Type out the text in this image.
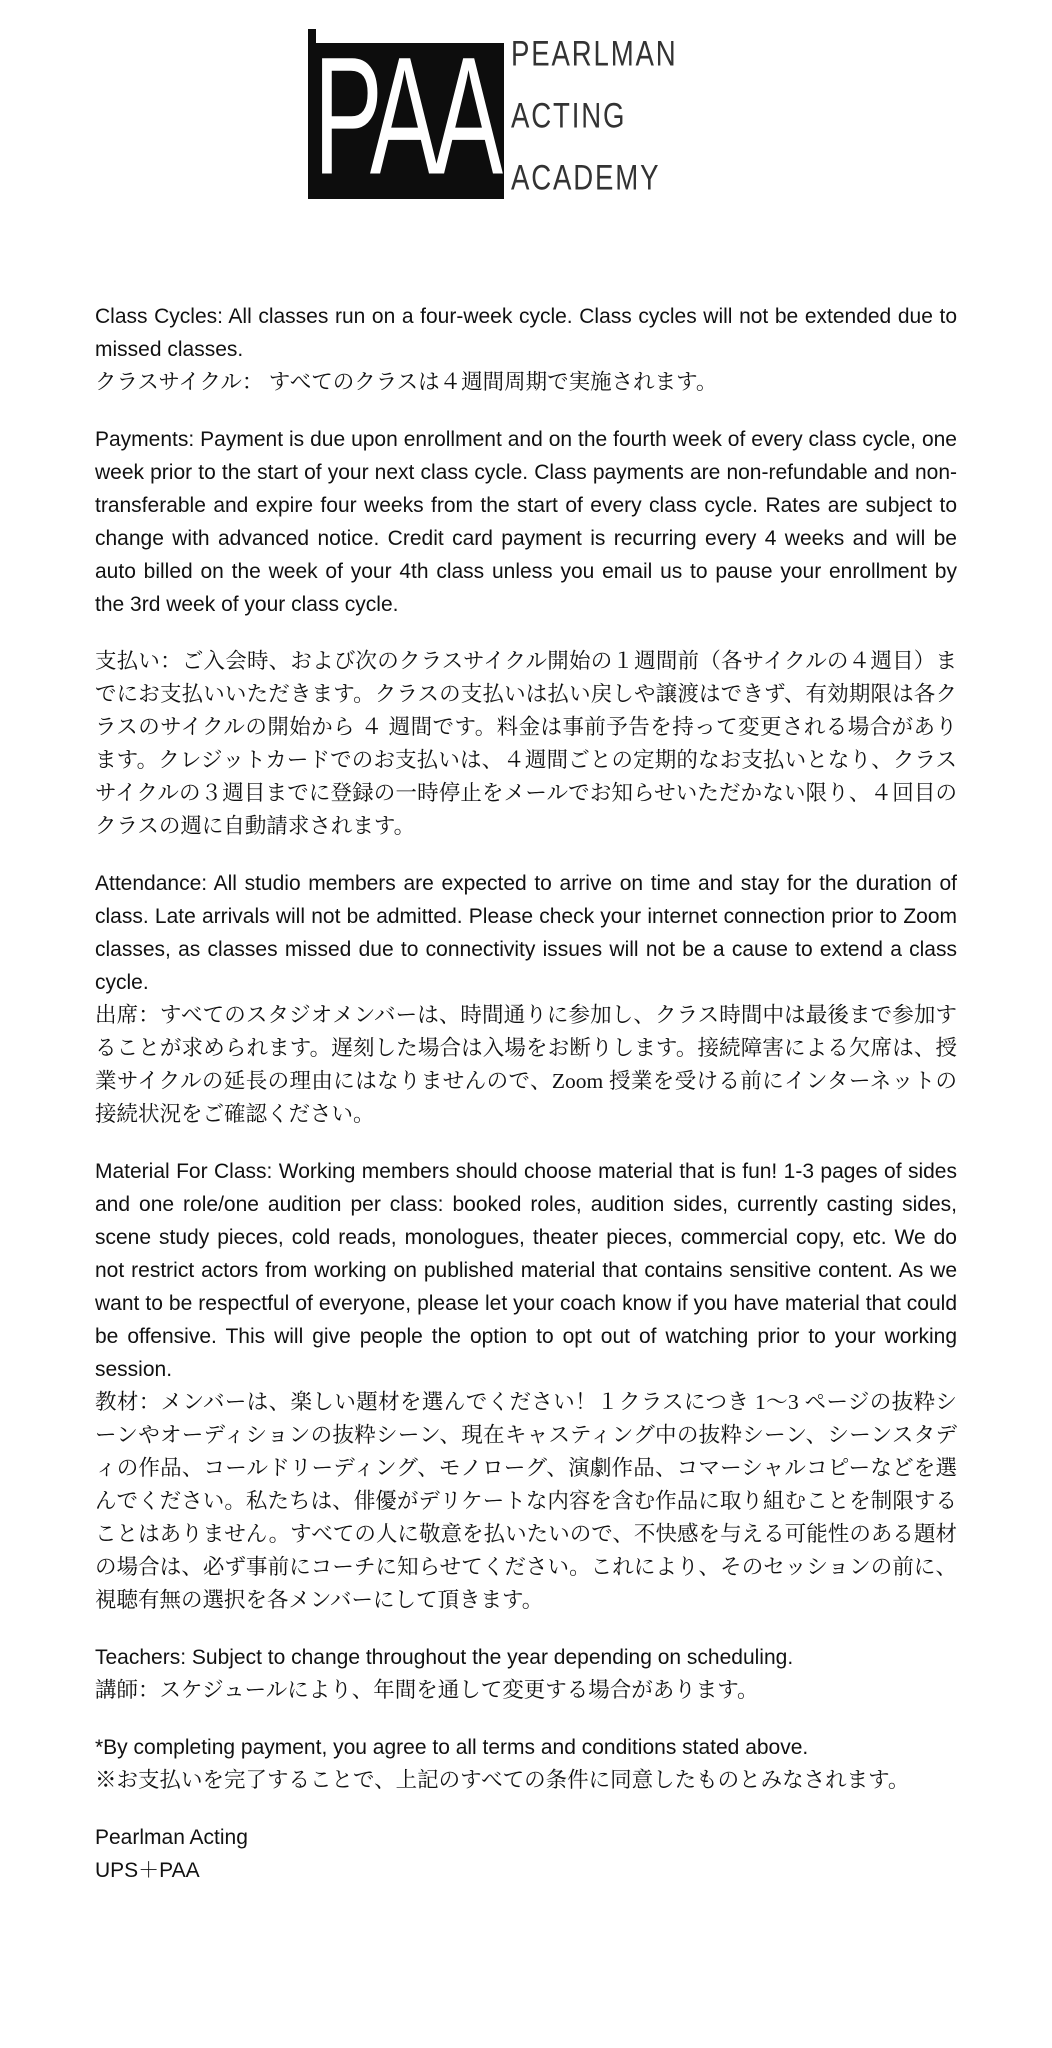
PAA PEARLMAN
ACTING
ACADEMY

Class Cycles: All classes run on a four-week cycle. Class cycles will not be extended due to missed classes.

クラスサイクル： すべてのクラスは４週間周期で実施されます。

Payments: Payment is due upon enrollment and on the fourth week of every class cycle, one week prior to the start of your next class cycle. Class payments are non-refundable and non-transferable and expire four weeks from the start of every class cycle. Rates are subject to change with advanced notice. Credit card payment is recurring every 4 weeks and will be auto billed on the week of your 4th class unless you email us to pause your enrollment by the 3rd week of your class cycle.

支払い：ご入会時、および次のクラスサイクル開始の１週間前（各サイクルの４週目）までにお支払いいただきます。クラスの支払いは払い戻しや譲渡はできず、有効期限は各クラスのサイクルの開始から ４ 週間です。料金は事前予告を持って変更される場合があります。クレジットカードでのお支払いは、４週間ごとの定期的なお支払いとなり、クラスサイクルの３週目までに登録の一時停止をメールでお知らせいただかない限り、４回目のクラスの週に自動請求されます。

Attendance: All studio members are expected to arrive on time and stay for the duration of class. Late arrivals will not be admitted. Please check your internet connection prior to Zoom classes, as classes missed due to connectivity issues will not be a cause to extend a class cycle.

出席：すべてのスタジオメンバーは、時間通りに参加し、クラス時間中は最後まで参加することが求められます。遅刻した場合は入場をお断りします。接続障害による欠席は、授業サイクルの延長の理由にはなりませんので、Zoom 授業を受ける前にインターネットの接続状況をご確認ください。

Material For Class: Working members should choose material that is fun! 1-3 pages of sides and one role/one audition per class: booked roles, audition sides, currently casting sides, scene study pieces, cold reads, monologues, theater pieces, commercial copy, etc. We do not restrict actors from working on published material that contains sensitive content. As we want to be respectful of everyone, please let your coach know if you have material that could be offensive. This will give people the option to opt out of watching prior to your working session.

教材：メンバーは、楽しい題材を選んでください！１クラスにつき 1〜3 ページの抜粋シーンやオーディションの抜粋シーン、現在キャスティング中の抜粋シーン、シーンスタディの作品、コールドリーディング、モノローグ、演劇作品、コマーシャルコピーなどを選んでください。私たちは、俳優がデリケートな内容を含む作品に取り組むことを制限することはありません。すべての人に敬意を払いたいので、不快感を与える可能性のある題材の場合は、必ず事前にコーチに知らせてください。これにより、そのセッションの前に、視聴有無の選択を各メンバーにして頂きます。

Teachers: Subject to change throughout the year depending on scheduling.

講師：スケジュールにより、年間を通して変更する場合があります。

*By completing payment, you agree to all terms and conditions stated above.

※お支払いを完了することで、上記のすべての条件に同意したものとみなされます。

Pearlman Acting

UPS＋PAA
